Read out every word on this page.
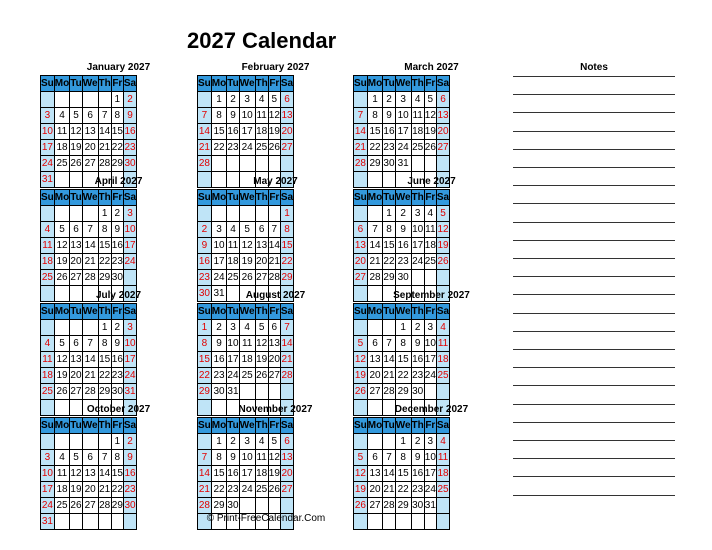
2027 Calendar
January 2027
Su	Mo	Tu	We	Th	Fr	Sa
					1	2
3	4	5	6	7	8	9
10	11	12	13	14	15	16
17	18	19	20	21	22	23
24	25	26	27	28	29	30
31						
February 2027
Su	Mo	Tu	We	Th	Fr	Sa
	1	2	3	4	5	6
7	8	9	10	11	12	13
14	15	16	17	18	19	20
21	22	23	24	25	26	27
28						

March 2027
Su	Mo	Tu	We	Th	Fr	Sa
	1	2	3	4	5	6
7	8	9	10	11	12	13
14	15	16	17	18	19	20
21	22	23	24	25	26	27
28	29	30	31			

April 2027
Su	Mo	Tu	We	Th	Fr	Sa
				1	2	3
4	5	6	7	8	9	10
11	12	13	14	15	16	17
18	19	20	21	22	23	24
25	26	27	28	29	30	

May 2027
Su	Mo	Tu	We	Th	Fr	Sa
						1
2	3	4	5	6	7	8
9	10	11	12	13	14	15
16	17	18	19	20	21	22
23	24	25	26	27	28	29
30	31					
June 2027
Su	Mo	Tu	We	Th	Fr	Sa
		1	2	3	4	5
6	7	8	9	10	11	12
13	14	15	16	17	18	19
20	21	22	23	24	25	26
27	28	29	30			

July 2027
Su	Mo	Tu	We	Th	Fr	Sa
				1	2	3
4	5	6	7	8	9	10
11	12	13	14	15	16	17
18	19	20	21	22	23	24
25	26	27	28	29	30	31

August 2027
Su	Mo	Tu	We	Th	Fr	Sa
1	2	3	4	5	6	7
8	9	10	11	12	13	14
15	16	17	18	19	20	21
22	23	24	25	26	27	28
29	30	31				

September 2027
Su	Mo	Tu	We	Th	Fr	Sa
			1	2	3	4
5	6	7	8	9	10	11
12	13	14	15	16	17	18
19	20	21	22	23	24	25
26	27	28	29	30		

October 2027
Su	Mo	Tu	We	Th	Fr	Sa
					1	2
3	4	5	6	7	8	9
10	11	12	13	14	15	16
17	18	19	20	21	22	23
24	25	26	27	28	29	30
31						
November 2027
Su	Mo	Tu	We	Th	Fr	Sa
	1	2	3	4	5	6
7	8	9	10	11	12	13
14	15	16	17	18	19	20
21	22	23	24	25	26	27
28	29	30				

December 2027
Su	Mo	Tu	We	Th	Fr	Sa
			1	2	3	4
5	6	7	8	9	10	11
12	13	14	15	16	17	18
19	20	21	22	23	24	25
26	27	28	29	30	31	

Notes
© Print-FreeCalendar.Com
